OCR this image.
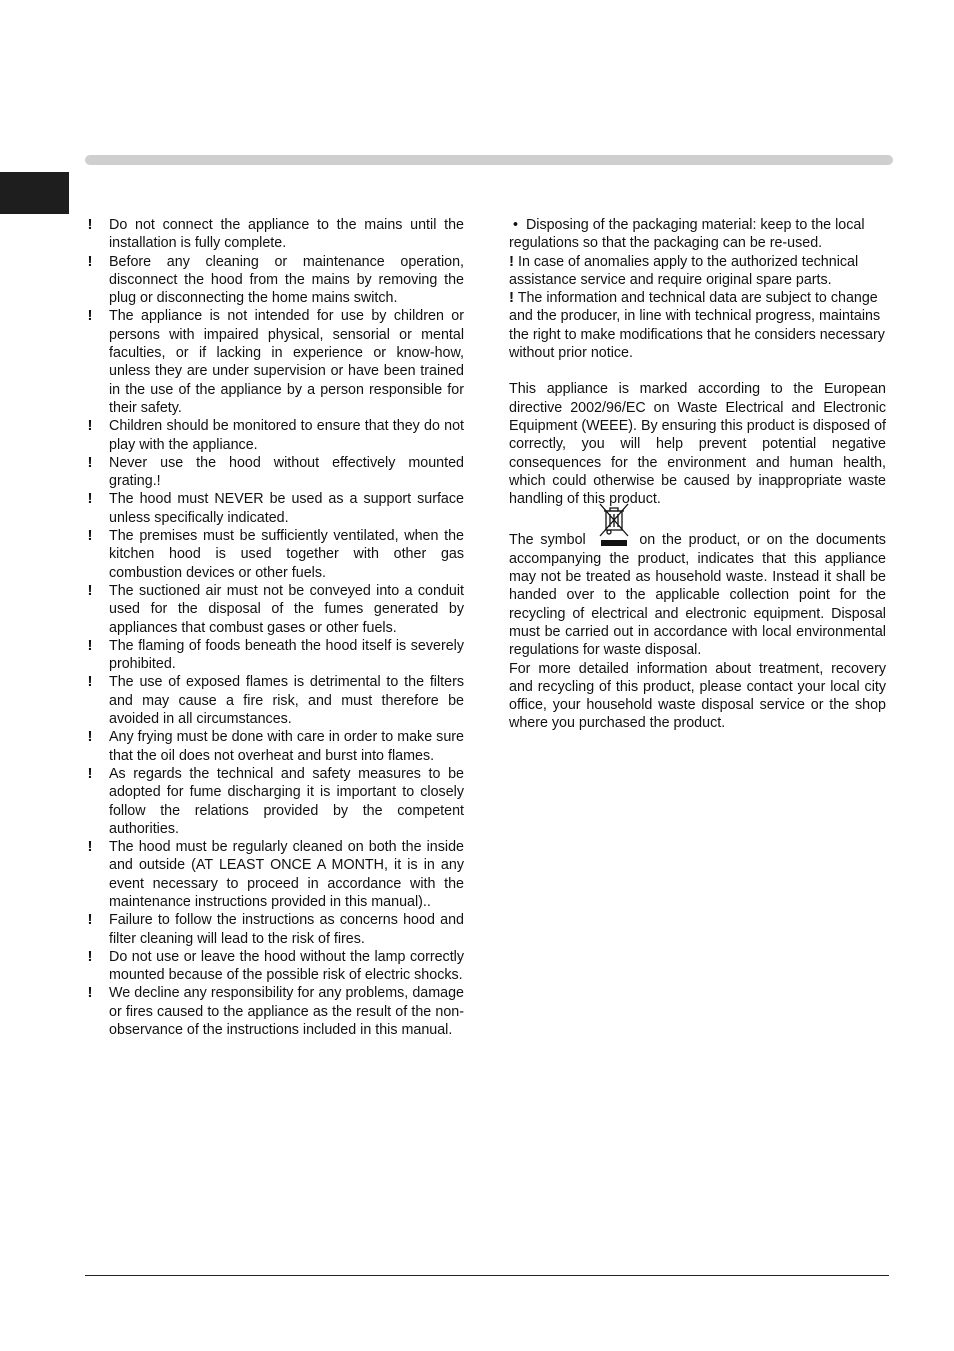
! Do not connect the appliance to the mains until the installation is fully complete.

! Before any cleaning or maintenance operation, disconnect the hood from the mains by removing the plug or disconnecting the home mains switch.

! The appliance is not intended for use by children or persons with impaired physical, sensorial or mental faculties, or if lacking in experience or know-how, unless they are under supervision or have been trained in the use of the appliance by a person responsible for their safety.

! Children should be monitored to ensure that they do not play with the appliance.

! Never use the hood without effectively mounted grating.!

! The hood must NEVER be used as a support surface unless specifically indicated.

! The premises must be sufficiently ventilated, when the kitchen hood is used together with other gas combustion devices or other fuels.

! The suctioned air must not be conveyed into a conduit used for the disposal of the fumes generated by appliances that combust gases or other fuels.

! The flaming of foods beneath the hood itself is severely prohibited.

! The use of exposed flames is detrimental to the filters and may cause a fire risk, and must therefore be avoided in all circumstances.

! Any frying must be done with care in order to make sure that the oil does not overheat and burst into flames.

! As regards the technical and safety measures to be adopted for fume discharging it is important to closely follow the relations provided by the competent authorities.

! The hood must be regularly cleaned on both the inside and outside (AT LEAST ONCE A MONTH, it is in any event necessary to proceed in accordance with the maintenance instructions provided in this manual)..

! Failure to follow the instructions as concerns hood and filter cleaning will lead to the risk of fires.

! Do not use or leave the hood without the lamp correctly mounted because of the possible risk of electric shocks.

! We decline any responsibility for any problems, damage or fires caused to the appliance as the result of the non-observance of the instructions included in this manual.

• Disposing of the packaging material: keep to the local regulations so that the packaging can be re-used.

! In case of anomalies apply to the authorized technical assistance service and require original spare parts.

! The information and technical data are subject to change and the producer, in line with technical progress, maintains the right to make modifications that he considers necessary without prior notice.

This appliance is marked according to the European directive 2002/96/EC on Waste Electrical and Electronic Equipment (WEEE). By ensuring this product is disposed of correctly, you will help prevent potential negative consequences for the environment and human health, which could otherwise be caused by inappropriate waste handling of this product.

The symbol	on the product, or on the documents accompanying the product, indicates that this appliance may not be treated as household waste. Instead it shall be handed over to the applicable collection point for the recycling of electrical and electronic equipment. Disposal must be carried out in accordance with local environmental regulations for waste disposal.

For more detailed information about treatment, recovery and recycling of this product, please contact your local city office, your household waste disposal service or the shop where you purchased the product.
